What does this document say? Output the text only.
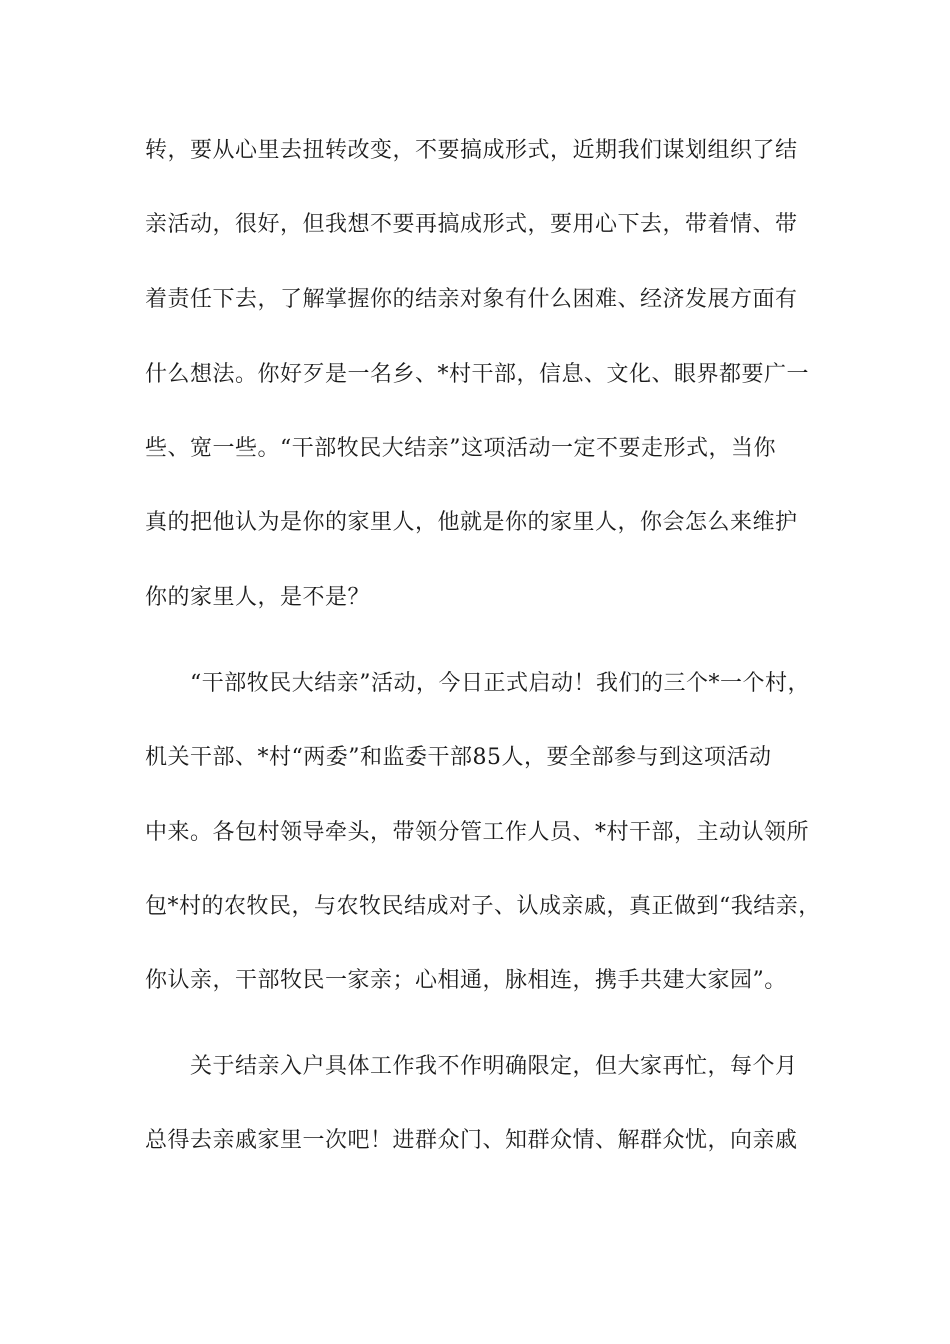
转，要从心里去扭转改变，不要搞成形式，近期我们谋划组织了结
亲活动，很好，但我想不要再搞成形式，要用心下去，带着情、带
着责任下去，了解掌握你的结亲对象有什么困难、经济发展方面有
什么想法。你好歹是一名乡、*村干部，信息、文化、眼界都要广一
些、宽一些。“干部牧民大结亲”这项活动一定不要走形式，当你
真的把他认为是你的家里人，他就是你的家里人，你会怎么来维护
你的家里人，是不是？
　　“干部牧民大结亲”活动，今日正式启动！我们的三个*一个村，
机关干部、*村“两委”和监委干部85人，要全部参与到这项活动
中来。各包村领导牵头，带领分管工作人员、*村干部，主动认领所
包*村的农牧民，与农牧民结成对子、认成亲戚，真正做到“我结亲，
你认亲，干部牧民一家亲；心相通，脉相连，携手共建大家园”。
　　关于结亲入户具体工作我不作明确限定，但大家再忙，每个月
总得去亲戚家里一次吧！进群众门、知群众情、解群众忧，向亲戚
